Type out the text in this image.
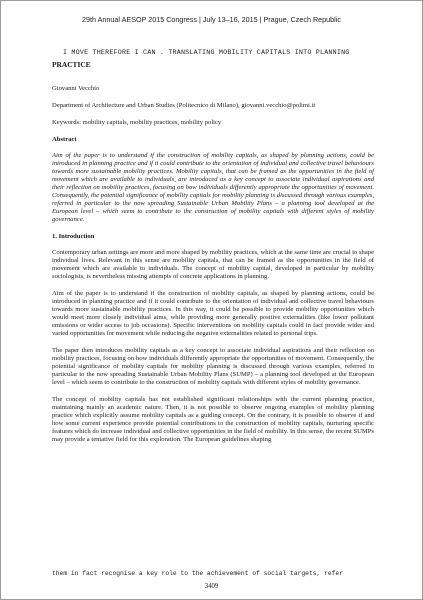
29th Annual AESOP 2015 Congress | July 13–16, 2015 | Prague, Czech Republic
I MOVE THEREFORE I CAN . TRANSLATING MOBILITY CAPITALS INTO PLANNING
PRACTICE

Giovanni Vecchio

Department of Architecture and Urban Studies (Politecnico di Milano), giovanni.vecchio@polimi.it

Keywords: mobility capitals, mobility practices, mobility policy

Abstract

Aim of the paper is to understand if the construction of mobility capitals, as shaped by planning actions, could be introduced in planning practice and if it could contribute to the orientation of individual and collective travel behaviours towards more sustainable mobility practices. Mobility capitals, that can be framed as the opportunities in the field of movement which are available to individuals, are introduced as a key concept to associate individual aspirations and their reflection on mobility practices, focusing on how individuals differently appropriate the opportunities of movement. Consequently, the potential significance of mobility capitals for mobility planning is discussed through various examples, referred in particular to the now spreading Sustainable Urban Mobility Plans – a planning tool developed at the European level – which seem to contribute to the construction of mobility capitals with different styles of mobility governance.

1. Introduction

Contemporary urban settings are more and more shaped by mobility practices, which at the same time are crucial to shape individual lives. Relevant in this sense are mobility capitals, that can be framed as the opportunities in the field of movement which are available to individuals. The concept of mobility capital, developed in particular by mobility sociologists, is nevertheless missing attempts of concrete applications in planning.

Aim of the paper is to understand if the construction of mobility capitals, as shaped by planning actions, could be introduced in planning practice and if it could contribute to the orientation of individual and collective travel behaviours towards more sustainable mobility practices. In this way, it could be possible to provide mobility opportunities which would meet more closely individual aims, while providing more generally positive externalities (like lower pollutant emissions or wider access to job occasions). Specific interventions on mobility capitals could in fact provide wider and varied opportunities for movement while reducing the negative externalities related to personal trips.

The paper then introduces mobility capitals as a key concept to associate individual aspirations and their reflection on mobility practices, focusing on how individuals differently appropriate the opportunities of movement. Consequently, the potential significance of mobility capitals for mobility planning is discussed through various examples, referred in particular to the now spreading Sustainable Urban Mobility Plans (SUMP) – a planning tool developed at the European level – which seem to contribute to the construction of mobility capitals with different styles of mobility governance.

The concept of mobility capitals has not established significant relationships with the current planning practice, maintaining mainly an academic nature. Then, it is not possible to observe ongoing examples of mobility planning practice which explicitly assume mobility capitals as a guiding concept. On the contrary, it is possible to observe if and how some current experience provide potential contributions to the construction of mobility capitals, nurturing specific features which do increase individual and collective opportunities in the field of mobility. In this sense, the recent SUMPs may provide a tentative field for this exploration. The European guidelines shaping

them in fact recognise a key role to the achievement of social targets, refer
3409
